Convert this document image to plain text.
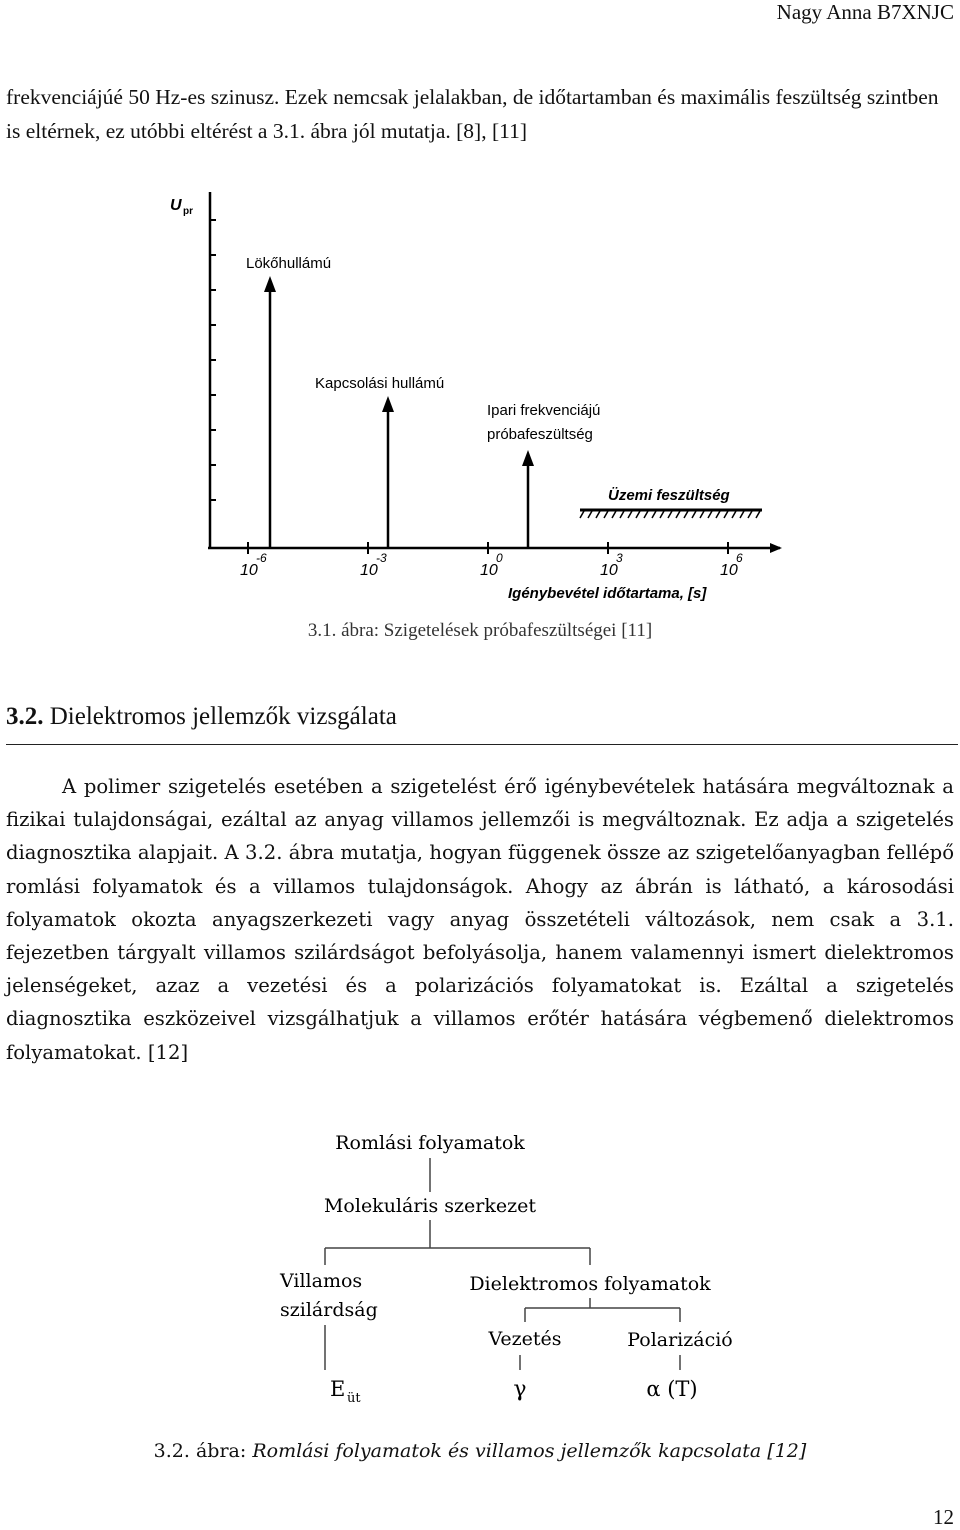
Nagy Anna B7XNJC
frekvenciájúé 50 Hz-es szinusz. Ezek nemcsak jelalakban, de időtartamban és maximális feszültség szintben is eltérnek, ez utóbbi eltérést a 3.1. ábra jól mutatja. [8], [11]
U pr
Lökőhullámú
Kapcsolási hullámú
Ipari frekvenciájú
próbafeszültség
Üzemi feszültség
10
-6
10
-3
10
0
10
3
10
6
Igénybevétel időtartama, [s]
3.1. ábra: Szigetelések próbafeszültségei [11]
3.2. Dielektromos jellemzők vizsgálata
A polimer szigetelés esetében a szigetelést érő igénybevételek hatására megváltoznak a fizikai tulajdonságai, ezáltal az anyag villamos jellemzői is megváltoznak. Ez adja a szigetelés diagnosztika alapjait. A 3.2. ábra mutatja, hogyan függenek össze az szigetelőanyagban fellépő romlási folyamatok és a villamos tulajdonságok. Ahogy az ábrán is látható, a károsodási folyamatok okozta anyagszerkezeti vagy anyag összetételi változások, nem csak a 3.1. fejezetben tárgyalt villamos szilárdságot befolyásolja, hanem valamennyi ismert dielektromos jelenségeket, azaz a vezetési és a polarizációs folyamatokat is. Ezáltal a szigetelés diagnosztika eszközeivel vizsgálhatjuk a villamos erőtér hatására végbemenő dielektromos folyamatokat. [12]
Romlási folyamatok
Molekuláris szerkezet
Villamos
szilárdság
Dielektromos folyamatok
Vezetés	Polarizáció
E üt	γ	α (T)
3.2. ábra: Romlási folyamatok és villamos jellemzők kapcsolata [12]
12
